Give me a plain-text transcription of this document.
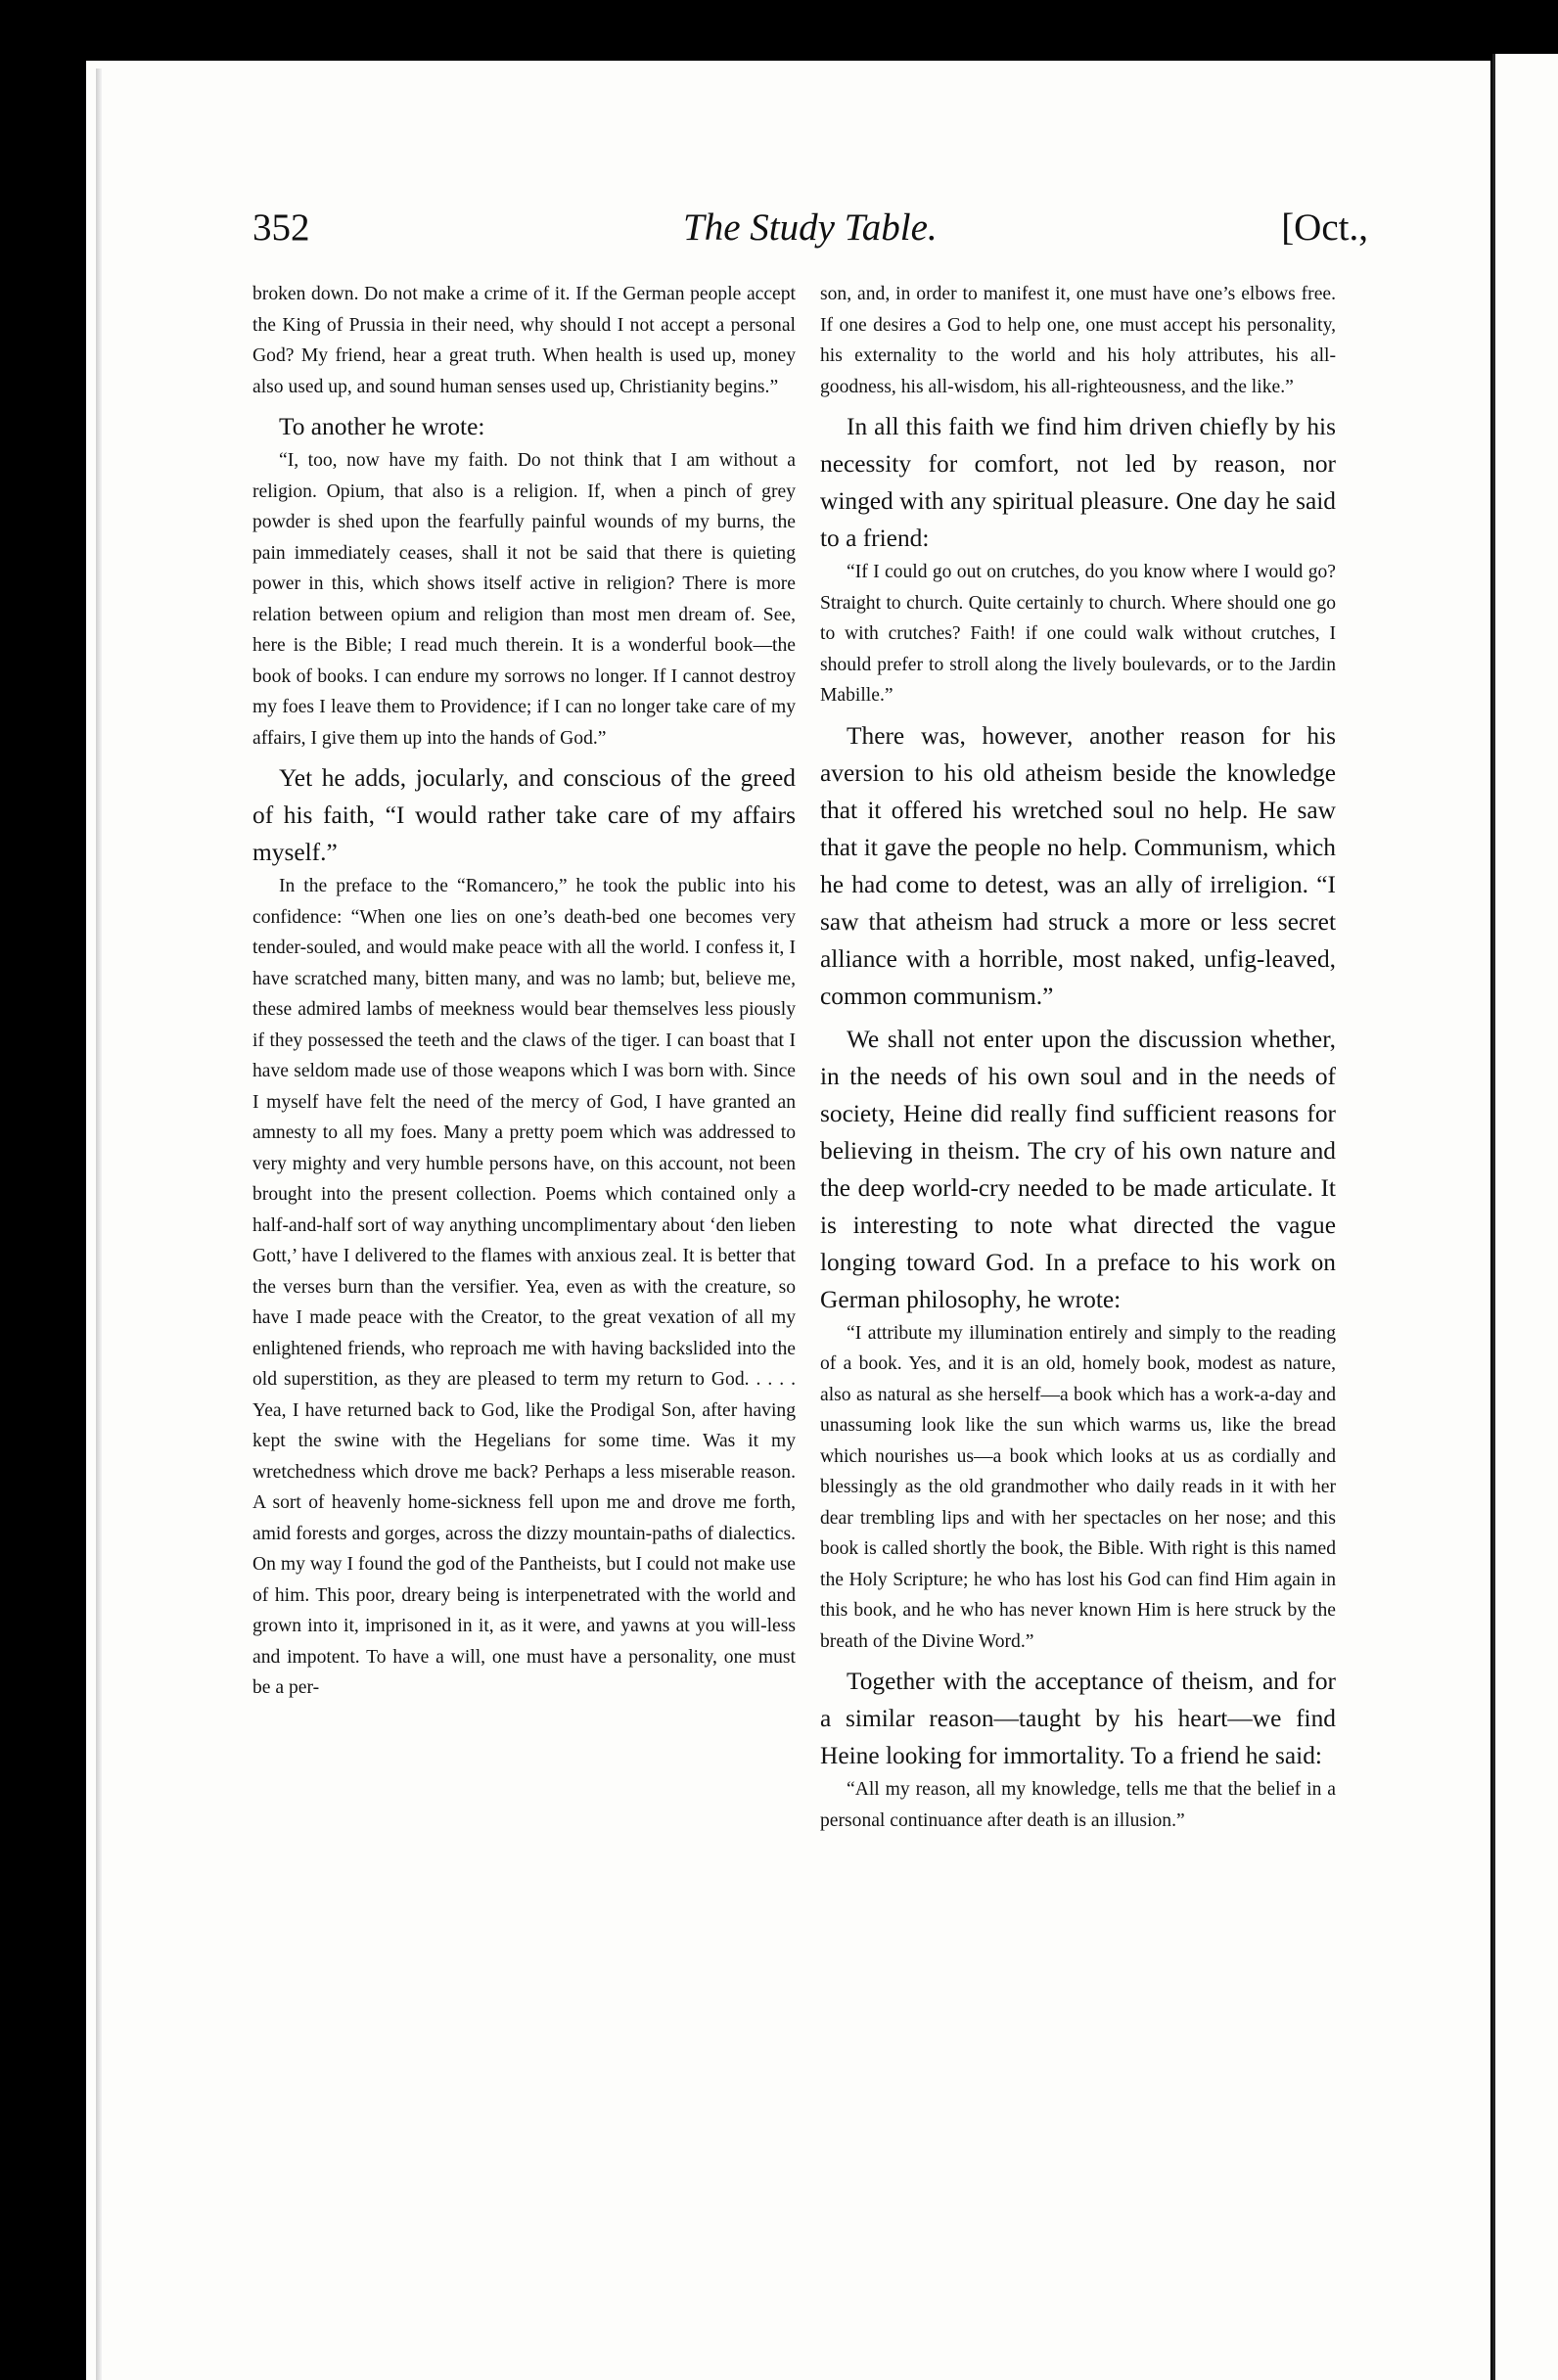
352	The Study Table.	[Oct.,

broken down. Do not make a crime of it. If the German people accept the King of Prussia in their need, why should I not accept a personal God? My friend, hear a great truth. When health is used up, money also used up, and sound human senses used up, Christianity begins.”

To another he wrote:

“I, too, now have my faith. Do not think that I am without a religion. Opium, that also is a religion. If, when a pinch of grey powder is shed upon the fearfully painful wounds of my burns, the pain immediately ceases, shall it not be said that there is quieting power in this, which shows itself active in religion? There is more relation between opium and religion than most men dream of. See, here is the Bible; I read much therein. It is a wonderful book—the book of books. I can endure my sorrows no longer. If I cannot destroy my foes I leave them to Providence; if I can no longer take care of my affairs, I give them up into the hands of God.”

Yet he adds, jocularly, and conscious of the greed of his faith, “I would rather take care of my affairs myself.”

In the preface to the “Romancero,” he took the public into his confidence: “When one lies on one’s death-bed one becomes very tender-souled, and would make peace with all the world. I confess it, I have scratched many, bitten many, and was no lamb; but, believe me, these admired lambs of meekness would bear themselves less piously if they possessed the teeth and the claws of the tiger. I can boast that I have seldom made use of those weapons which I was born with. Since I myself have felt the need of the mercy of God, I have granted an amnesty to all my foes. Many a pretty poem which was addressed to very mighty and very humble persons have, on this account, not been brought into the present collection. Poems which contained only a half-and-half sort of way anything uncomplimentary about ‘den lieben Gott,’ have I delivered to the flames with anxious zeal. It is better that the verses burn than the versifier. Yea, even as with the creature, so have I made peace with the Creator, to the great vexation of all my enlightened friends, who reproach me with having backslided into the old superstition, as they are pleased to term my return to God. . . . . Yea, I have returned back to God, like the Prodigal Son, after having kept the swine with the Hegelians for some time. Was it my wretchedness which drove me back? Perhaps a less miserable reason. A sort of heavenly home-sickness fell upon me and drove me forth, amid forests and gorges, across the dizzy mountain-paths of dialectics. On my way I found the god of the Pantheists, but I could not make use of him. This poor, dreary being is interpenetrated with the world and grown into it, imprisoned in it, as it were, and yawns at you will-less and impotent. To have a will, one must have a personality, one must be a per-

son, and, in order to manifest it, one must have one’s elbows free. If one desires a God to help one, one must accept his personality, his externality to the world and his holy attributes, his all-goodness, his all-wisdom, his all-righteousness, and the like.”

In all this faith we find him driven chiefly by his necessity for comfort, not led by reason, nor winged with any spiritual pleasure. One day he said to a friend:

“If I could go out on crutches, do you know where I would go? Straight to church. Quite certainly to church. Where should one go to with crutches? Faith! if one could walk without crutches, I should prefer to stroll along the lively boulevards, or to the Jardin Mabille.”

There was, however, another reason for his aversion to his old atheism beside the knowledge that it offered his wretched soul no help. He saw that it gave the people no help. Communism, which he had come to detest, was an ally of irreligion. “I saw that atheism had struck a more or less secret alliance with a horrible, most naked, unfig-leaved, common communism.”

We shall not enter upon the discussion whether, in the needs of his own soul and in the needs of society, Heine did really find sufficient reasons for believing in theism. The cry of his own nature and the deep world-cry needed to be made articulate. It is interesting to note what directed the vague longing toward God. In a preface to his work on German philosophy, he wrote:

“I attribute my illumination entirely and simply to the reading of a book. Yes, and it is an old, homely book, modest as nature, also as natural as she herself—a book which has a work-a-day and unassuming look like the sun which warms us, like the bread which nourishes us—a book which looks at us as cordially and blessingly as the old grandmother who daily reads in it with her dear trembling lips and with her spectacles on her nose; and this book is called shortly the book, the Bible. With right is this named the Holy Scripture; he who has lost his God can find Him again in this book, and he who has never known Him is here struck by the breath of the Divine Word.”

Together with the acceptance of theism, and for a similar reason—taught by his heart—we find Heine looking for immortality. To a friend he said:

“All my reason, all my knowledge, tells me that the belief in a personal continuance after death is an illusion.”
